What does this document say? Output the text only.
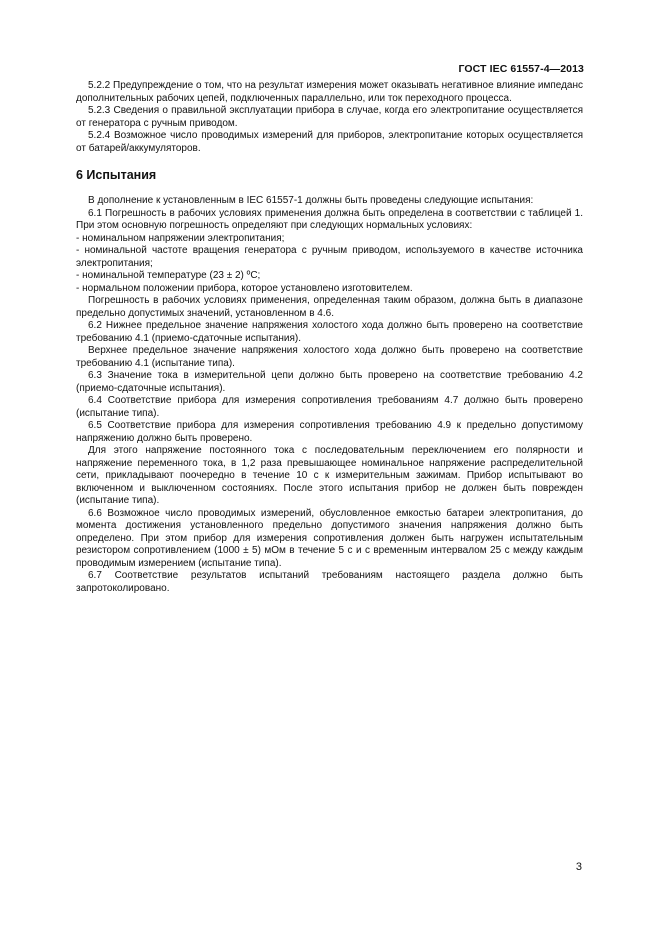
ГОСТ IEC 61557-4—2013

5.2.2 Предупреждение о том, что на результат измерения может оказывать негативное влияние импеданс дополнительных рабочих цепей, подключенных параллельно, или ток переходного процесса.

5.2.3 Сведения о правильной эксплуатации прибора в случае, когда его электропитание осуществляется от генератора с ручным приводом.

5.2.4 Возможное число проводимых измерений для приборов, электропитание которых осуществляется от батарей/аккумуляторов.

6 Испытания

В дополнение к установленным в IEC 61557-1 должны быть проведены следующие испытания:

6.1 Погрешность в рабочих условиях применения должна быть определена в соответствии с таблицей 1. При этом основную погрешность определяют при следующих нормальных условиях:

- номинальном напряжении электропитания;

- номинальной частоте вращения генератора с ручным приводом, используемого в качестве источника электропитания;

- номинальной температуре (23 ± 2) ºС;

- нормальном положении прибора, которое установлено изготовителем.

Погрешность в рабочих условиях применения, определенная таким образом, должна быть в диапазоне предельно допустимых значений, установленном в 4.6.

6.2 Нижнее предельное значение напряжения холостого хода должно быть проверено на соответствие требованию 4.1 (приемо-сдаточные испытания).

Верхнее предельное значение напряжения холостого хода должно быть проверено на соответствие требованию 4.1 (испытание типа).

6.3 Значение тока в измерительной цепи должно быть проверено на соответствие требованию 4.2 (приемо-сдаточные испытания).

6.4 Соответствие прибора для измерения сопротивления требованиям 4.7 должно быть проверено (испытание типа).

6.5 Соответствие прибора для измерения сопротивления требованию 4.9 к предельно допустимому напряжению должно быть проверено.

Для этого напряжение постоянного тока с последовательным переключением его полярности и напряжение переменного тока, в 1,2 раза превышающее номинальное напряжение распределительной сети, прикладывают поочередно в течение 10 с к измерительным зажимам. Прибор испытывают во включенном и выключенном состояниях. После этого испытания прибор не должен быть поврежден (испытание типа).

6.6 Возможное число проводимых измерений, обусловленное емкостью батареи электропитания, до момента достижения установленного предельно допустимого значения напряжения должно быть определено. При этом прибор для измерения сопротивления должен быть нагружен испытательным резистором сопротивлением (1000 ± 5) мОм в течение 5 с и с временным интервалом 25 с между каждым проводимым измерением (испытание типа).

6.7 Соответствие результатов испытаний требованиям настоящего раздела должно быть запротоколировано.

3
